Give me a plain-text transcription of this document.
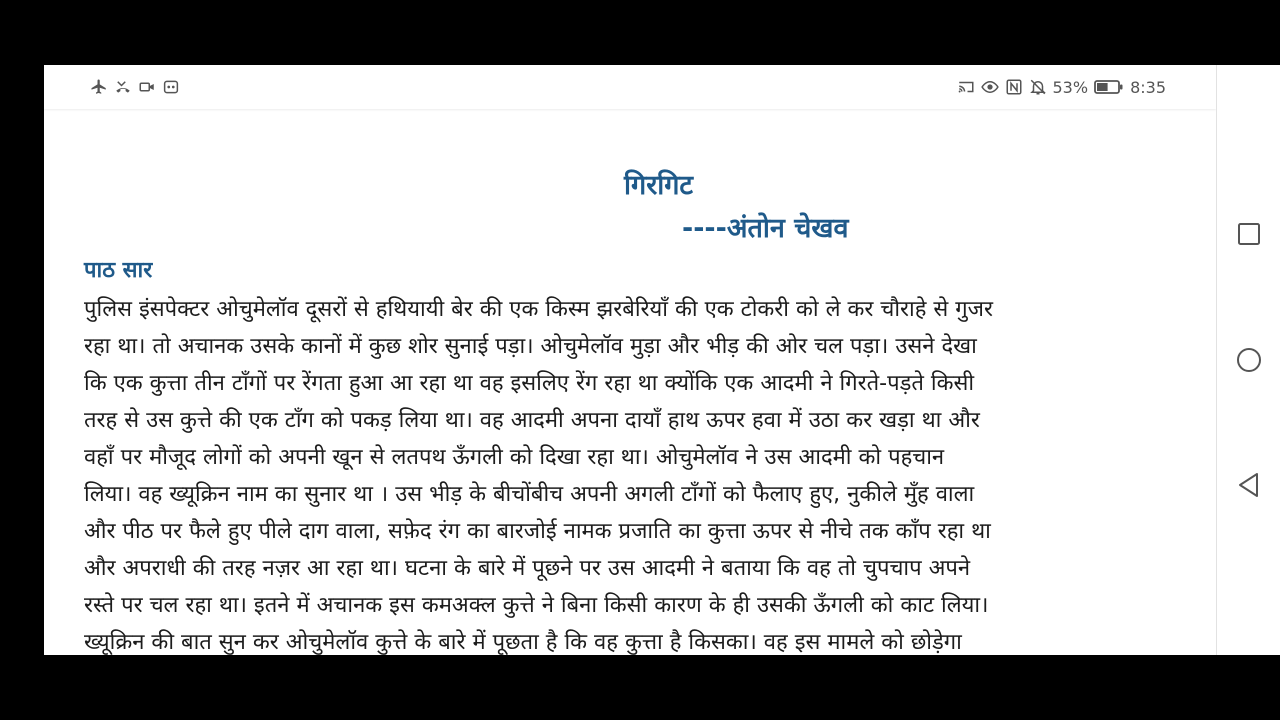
53%	8:35
गिरगिट
----अंतोन चेखव
पाठ सार
पुलिस इंसपेक्टर ओचुमेलॉव दूसरों से हथियायी बेर की एक किस्म झरबेरियाँ की एक टोकरी को ले कर चौराहे से गुजर
रहा था। तो अचानक उसके कानों में कुछ शोर सुनाई पड़ा। ओचुमेलॉव मुड़ा और भीड़ की ओर चल पड़ा। उसने देखा
कि एक कुत्ता तीन टाँगों पर रेंगता हुआ आ रहा था वह इसलिए रेंग रहा था क्योंकि एक आदमी ने गिरते-पड़ते किसी
तरह से उस कुत्ते की एक टाँग को पकड़ लिया था। वह आदमी अपना दायाँ हाथ ऊपर हवा में उठा कर खड़ा था और
वहाँ पर मौजूद लोगों को अपनी खून से लतपथ ऊँगली को दिखा रहा था। ओचुमेलॉव ने उस आदमी को पहचान
लिया। वह ख्यूक्रिन नाम का सुनार था । उस भीड़ के बीचोंबीच अपनी अगली टाँगों को फैलाए हुए, नुकीले मुँह वाला
और पीठ पर फैले हुए पीले दाग वाला, सफ़ेद रंग का बारजोई नामक प्रजाति का कुत्ता ऊपर से नीचे तक काँप रहा था
और अपराधी की तरह नज़र आ रहा था। घटना के बारे में पूछने पर उस आदमी ने बताया कि वह तो चुपचाप अपने
रस्ते पर चल रहा था। इतने में अचानक इस कमअक्ल कुत्ते ने बिना किसी कारण के ही उसकी ऊँगली को काट लिया।
ख्यूक्रिन की बात सुन कर ओचुमेलॉव कुत्ते के बारे में पूछता है कि वह कुत्ता है किसका। वह इस मामले को छोड़ेगा
